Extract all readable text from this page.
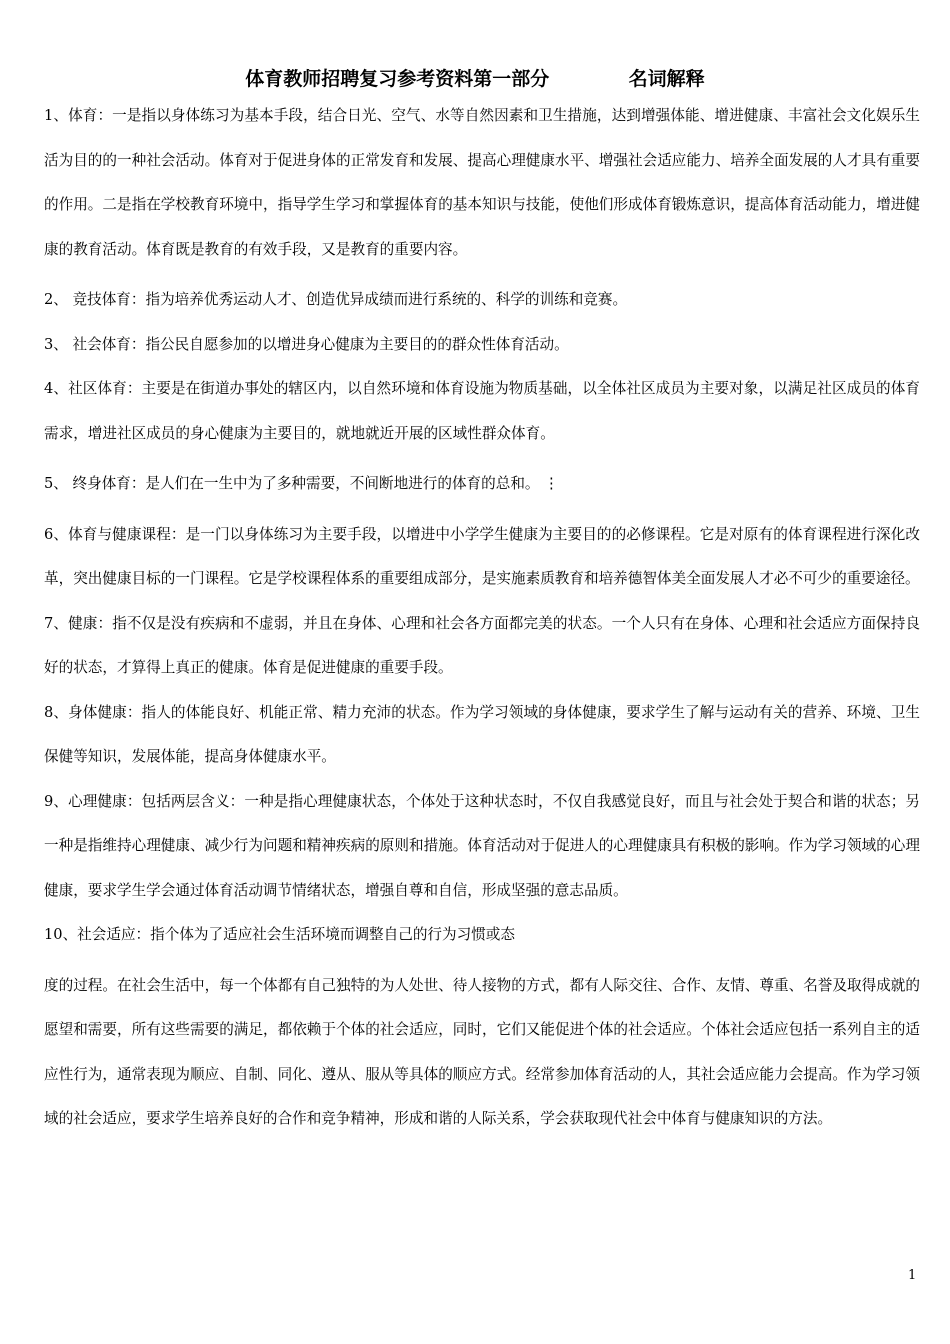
体育教师招聘复习参考资料第一部分            名词解释

1、体育：一是指以身体练习为基本手段，结合日光、空气、水等自然因素和卫生措施，达到增强体能、增进健康、丰富社会文化娱乐生活为目的的一种社会活动。体育对于促进身体的正常发育和发展、提高心理健康水平、增强社会适应能力、培养全面发展的人才具有重要的作用。二是指在学校教育环境中，指导学生学习和掌握体育的基本知识与技能，使他们形成体育锻炼意识，提高体育活动能力，增进健康的教育活动。体育既是教育的有效手段，又是教育的重要内容。

2、 竞技体育：指为培养优秀运动人才、创造优异成绩而进行系统的、科学的训练和竞赛。

3、 社会体育：指公民自愿参加的以增进身心健康为主要目的的群众性体育活动。

4、社区体育：主要是在街道办事处的辖区内，以自然环境和体育设施为物质基础，以全体社区成员为主要对象，以满足社区成员的体育需求，增进社区成员的身心健康为主要目的，就地就近开展的区域性群众体育。

5、 终身体育：是人们在一生中为了多种需要，不间断地进行的体育的总和。 ⋮

6、体育与健康课程：是一门以身体练习为主要手段，以增进中小学学生健康为主要目的的必修课程。它是对原有的体育课程进行深化改革，突出健康目标的一门课程。它是学校课程体系的重要组成部分，是实施素质教育和培养德智体美全面发展人才必不可少的重要途径。

7、健康：指不仅是没有疾病和不虚弱，并且在身体、心理和社会各方面都完美的状态。一个人只有在身体、心理和社会适应方面保持良好的状态，才算得上真正的健康。体育是促进健康的重要手段。

8、身体健康：指人的体能良好、机能正常、精力充沛的状态。作为学习领域的身体健康，要求学生了解与运动有关的营养、环境、卫生保健等知识，发展体能，提高身体健康水平。

9、心理健康：包括两层含义：一种是指心理健康状态，个体处于这种状态时，不仅自我感觉良好，而且与社会处于契合和谐的状态；另一种是指维持心理健康、减少行为问题和精神疾病的原则和措施。体育活动对于促进人的心理健康具有积极的影响。作为学习领域的心理健康，要求学生学会通过体育活动调节情绪状态，增强自尊和自信，形成坚强的意志品质。

10、社会适应：指个体为了适应社会生活环境而调整自己的行为习惯或态

度的过程。在社会生活中，每一个体都有自己独特的为人处世、待人接物的方式，都有人际交往、合作、友情、尊重、名誉及取得成就的愿望和需要，所有这些需要的满足，都依赖于个体的社会适应，同时，它们又能促进个体的社会适应。个体社会适应包括一系列自主的适应性行为，通常表现为顺应、自制、同化、遵从、服从等具体的顺应方式。经常参加体育活动的人，其社会适应能力会提高。作为学习领域的社会适应，要求学生培养良好的合作和竞争精神，形成和谐的人际关系，学会获取现代社会中体育与健康知识的方法。

1
